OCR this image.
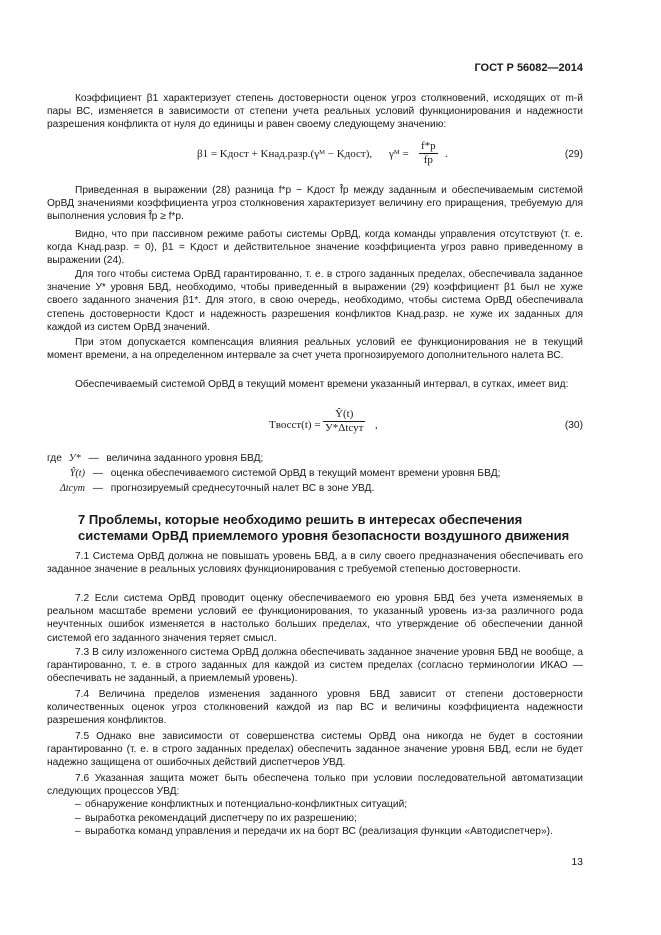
ГОСТ Р 56082—2014

Коэффициент β1 характеризует степень достоверности оценок угроз столкновений, исходящих от m-й пары ВС, изменяется в зависимости от степени учета реальных условий функционирования и надежности разрешения конфликта от нуля до единицы и равен своему следующему значению:

β1 = Kдост + Kнад.разр.(γᴹ − Kдост), γᴹ = $\frac{f*p}{f̂p}$ .	(29)

Приведенная в выражении (28) разница f*p − Kдост f̂p между заданным и обеспечиваемым системой ОрВД значениями коэффициента угроз столкновения характеризует величину его приращения, требуемую для выполнения условия f̂p ≥ f*p.

Видно, что при пассивном режиме работы системы ОрВД, когда команды управления отсутствуют (т. е. когда Kнад.разр. = 0), β1 = Kдост и действительное значение коэффициента угроз равно приведенному в выражении (24).

Для того чтобы система ОрВД гарантированно, т. е. в строго заданных пределах, обеспечивала заданное значение У* уровня БВД, необходимо, чтобы приведенный в выражении (29) коэффициент β1 был не хуже своего заданного значения β1*. Для этого, в свою очередь, необходимо, чтобы система ОрВД обеспечивала степень достоверности Kдост и надежность разрешения конфликтов Kнад.разр. не хуже их заданных для каждой из систем ОрВД значений.

При этом допускается компенсация влияния реальных условий ее функционирования не в текущий момент времени, а на определенном интервале за счет учета прогнозируемого дополнительного налета ВС.

Обеспечиваемый системой ОрВД в текущий момент времени указанный интервал, в сутках, имеет вид:

Tвосст(t) = $\frac{Ŷ(t)}{\text{У*Δtсут}}$ ,	(30)
где У* — величина заданного уровня БВД;
Ŷ(t) — оценка обеспечиваемого системой ОрВД в текущий момент времени уровня БВД;
Δtсут — прогнозируемый среднесуточный налет ВС в зоне УВД.
7 Проблемы, которые необходимо решить в интересах обеспечения системами ОрВД приемлемого уровня безопасности воздушного движения

7.1 Система ОрВД должна не повышать уровень БВД, а в силу своего предназначения обеспечивать его заданное значение в реальных условиях функционирования с требуемой степенью достоверности.

7.2 Если система ОрВД проводит оценку обеспечиваемого ею уровня БВД без учета изменяемых в реальном масштабе времени условий ее функционирования, то указанный уровень из-за различного рода неучтенных ошибок изменяется в настолько больших пределах, что утверждение об обеспечении данной системой его заданного значения теряет смысл.

7.3 В силу изложенного система ОрВД должна обеспечивать заданное значение уровня БВД не вообще, а гарантированно, т. е. в строго заданных для каждой из систем пределах (согласно терминологии ИКАО — обеспечивать не заданный, а приемлемый уровень).

7.4 Величина пределов изменения заданного уровня БВД зависит от степени достоверности количественных оценок угроз столкновений каждой из пар ВС и величины коэффициента надежности разрешения конфликтов.

7.5 Однако вне зависимости от совершенства системы ОрВД она никогда не будет в состоянии гарантированно (т. е. в строго заданных пределах) обеспечить заданное значение уровня БВД, если не будет надежно защищена от ошибочных действий диспетчеров УВД.

7.6 Указанная защита может быть обеспечена только при условии последовательной автоматизации следующих процессов УВД:

– обнаружение конфликтных и потенциально-конфликтных ситуаций;
– выработка рекомендаций диспетчеру по их разрешению;
– выработка команд управления и передачи их на борт ВС (реализация функции «Автодиспетчер»).
13
